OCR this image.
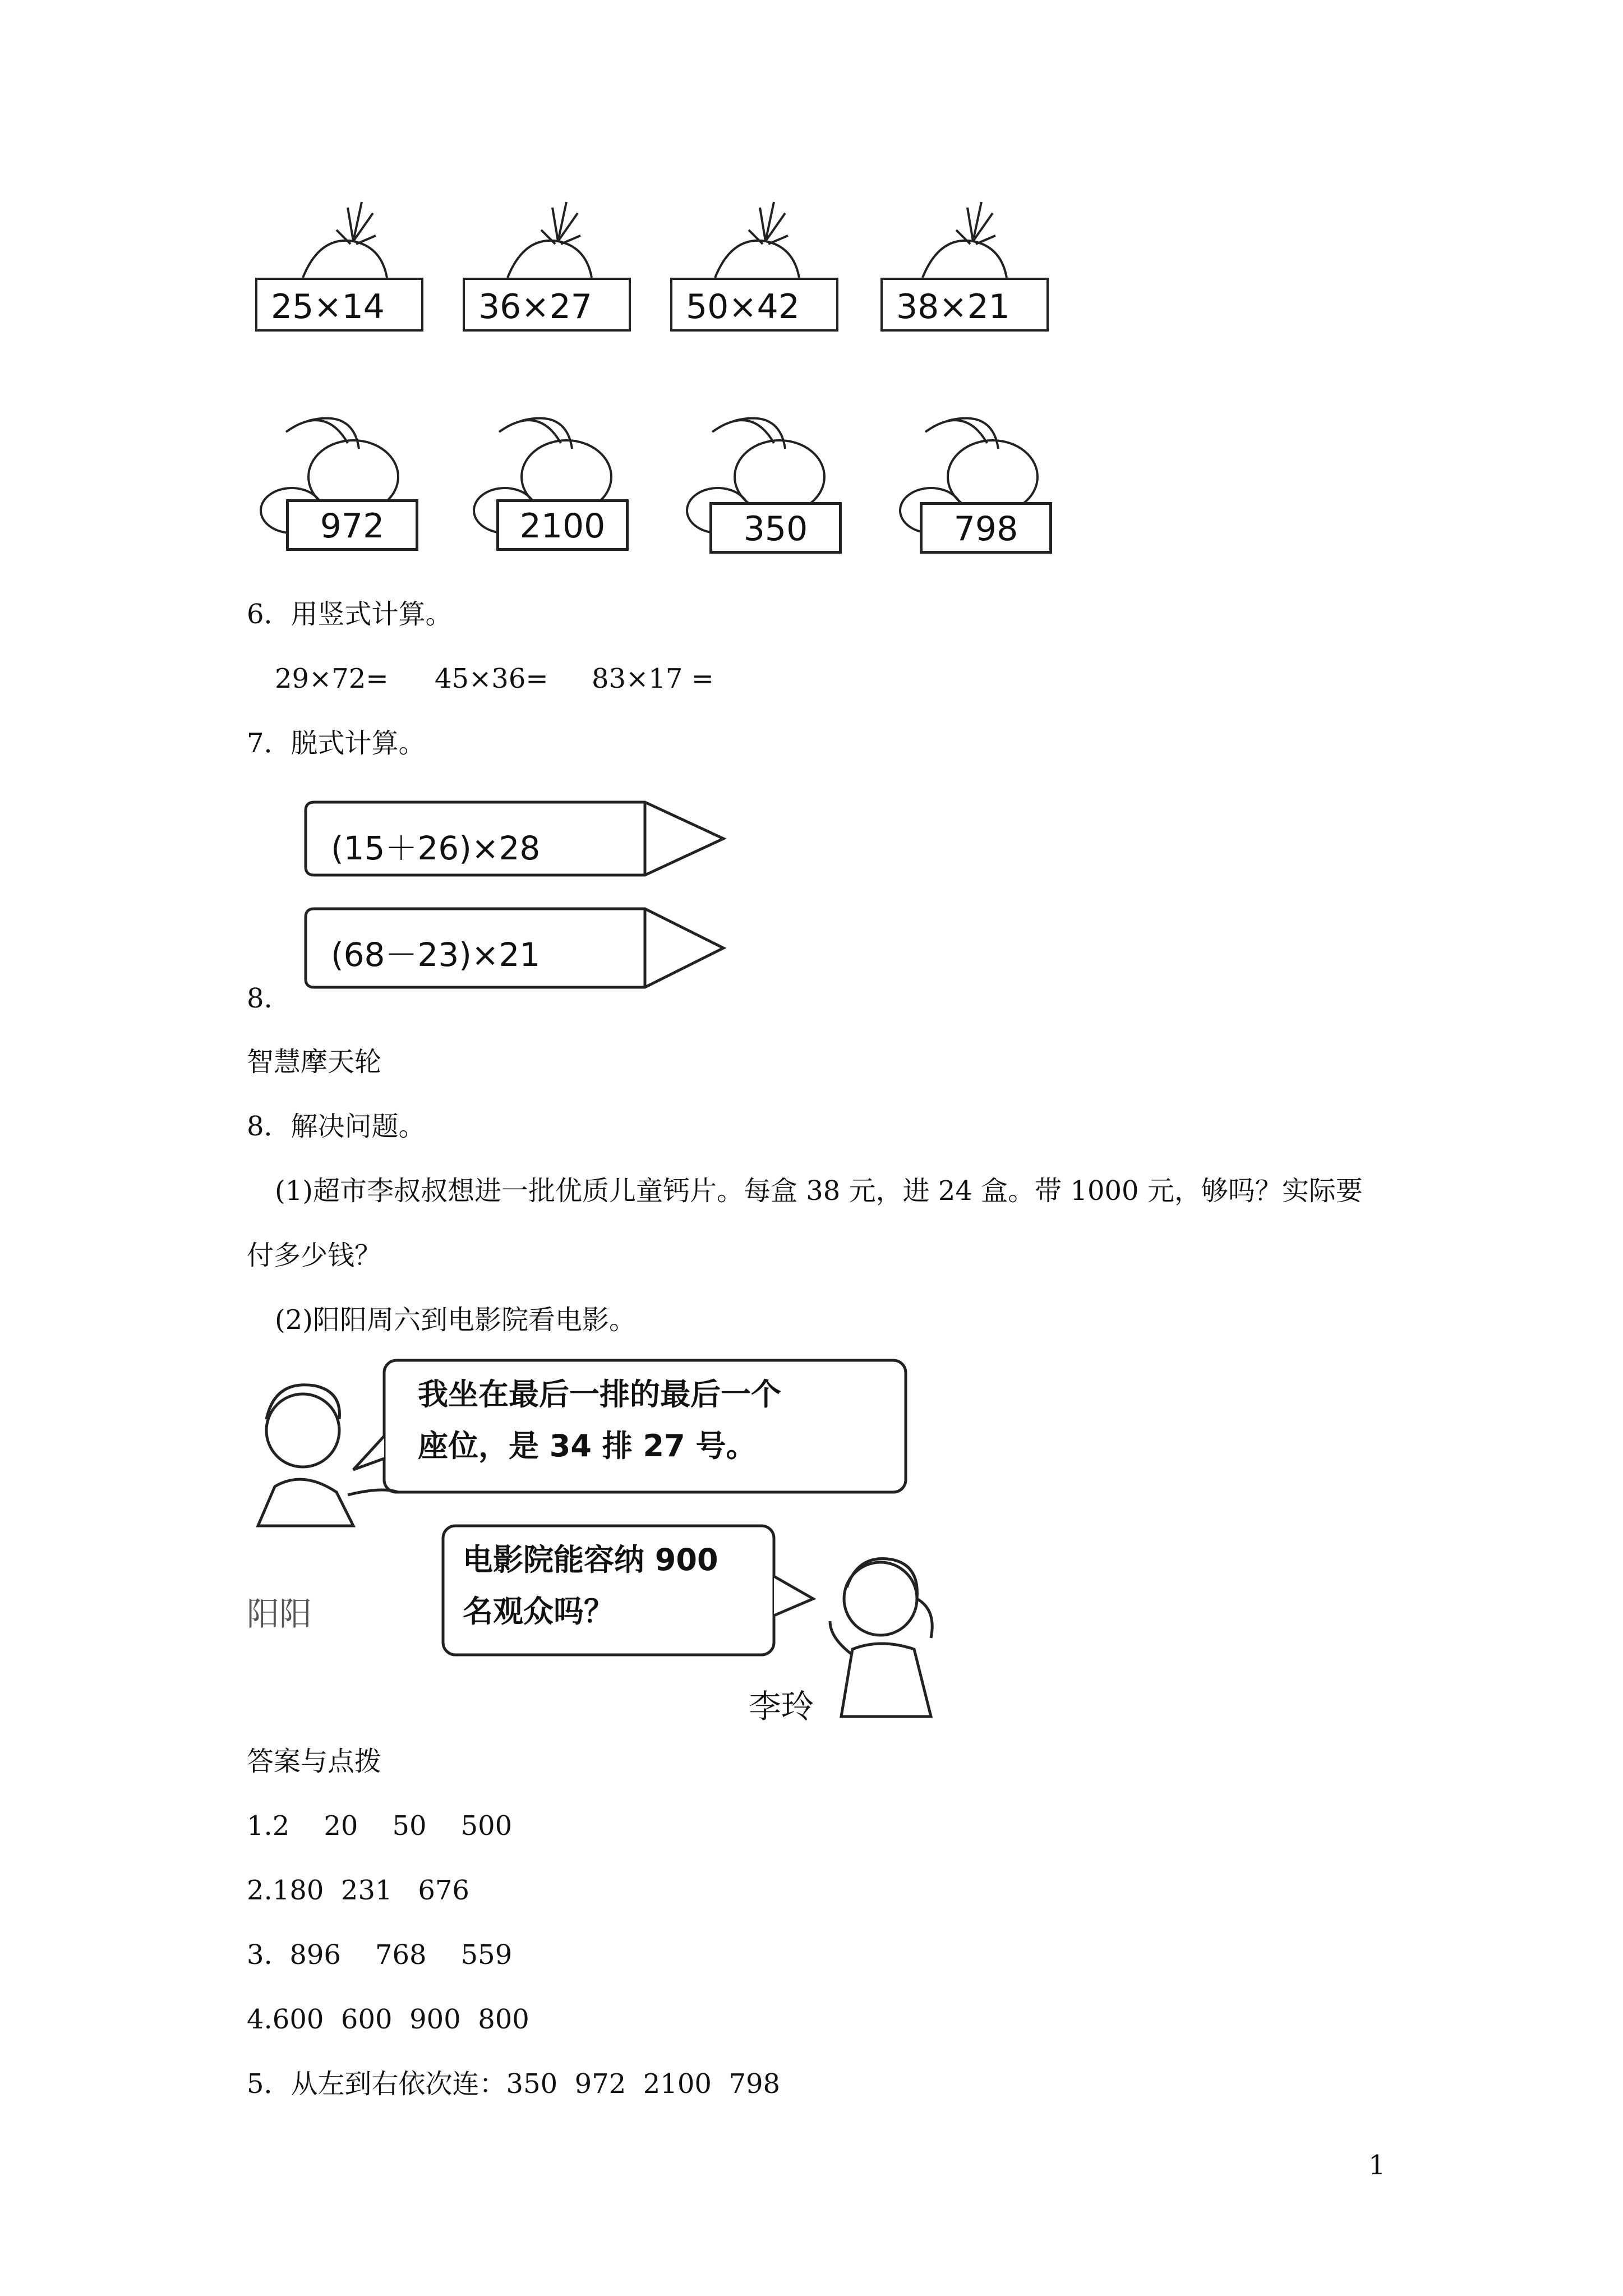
25×14	36×27	50×42	38×21
972	2100	350	798
6．用竖式计算。
29×72= 45×36= 83×17 =
7．脱式计算。
(15＋26)×28
(68－23)×21
8.
智慧摩天轮
8．解决问题。
(1)超市李叔叔想进一批优质儿童钙片。每盒 38 元，进 24 盒。带 1000 元，够吗？实际要
付多少钱？
(2)阳阳周六到电影院看电影。
我坐在最后一排的最后一个
座位，是 34 排 27 号。
阳阳
电影院能容纳 900
名观众吗？
李玲
答案与点拨
1.2    20    50    500
2.180  231   676
3.  896    768    559
4.600  600  900  800
5．从左到右依次连：350  972  2100  798
1
